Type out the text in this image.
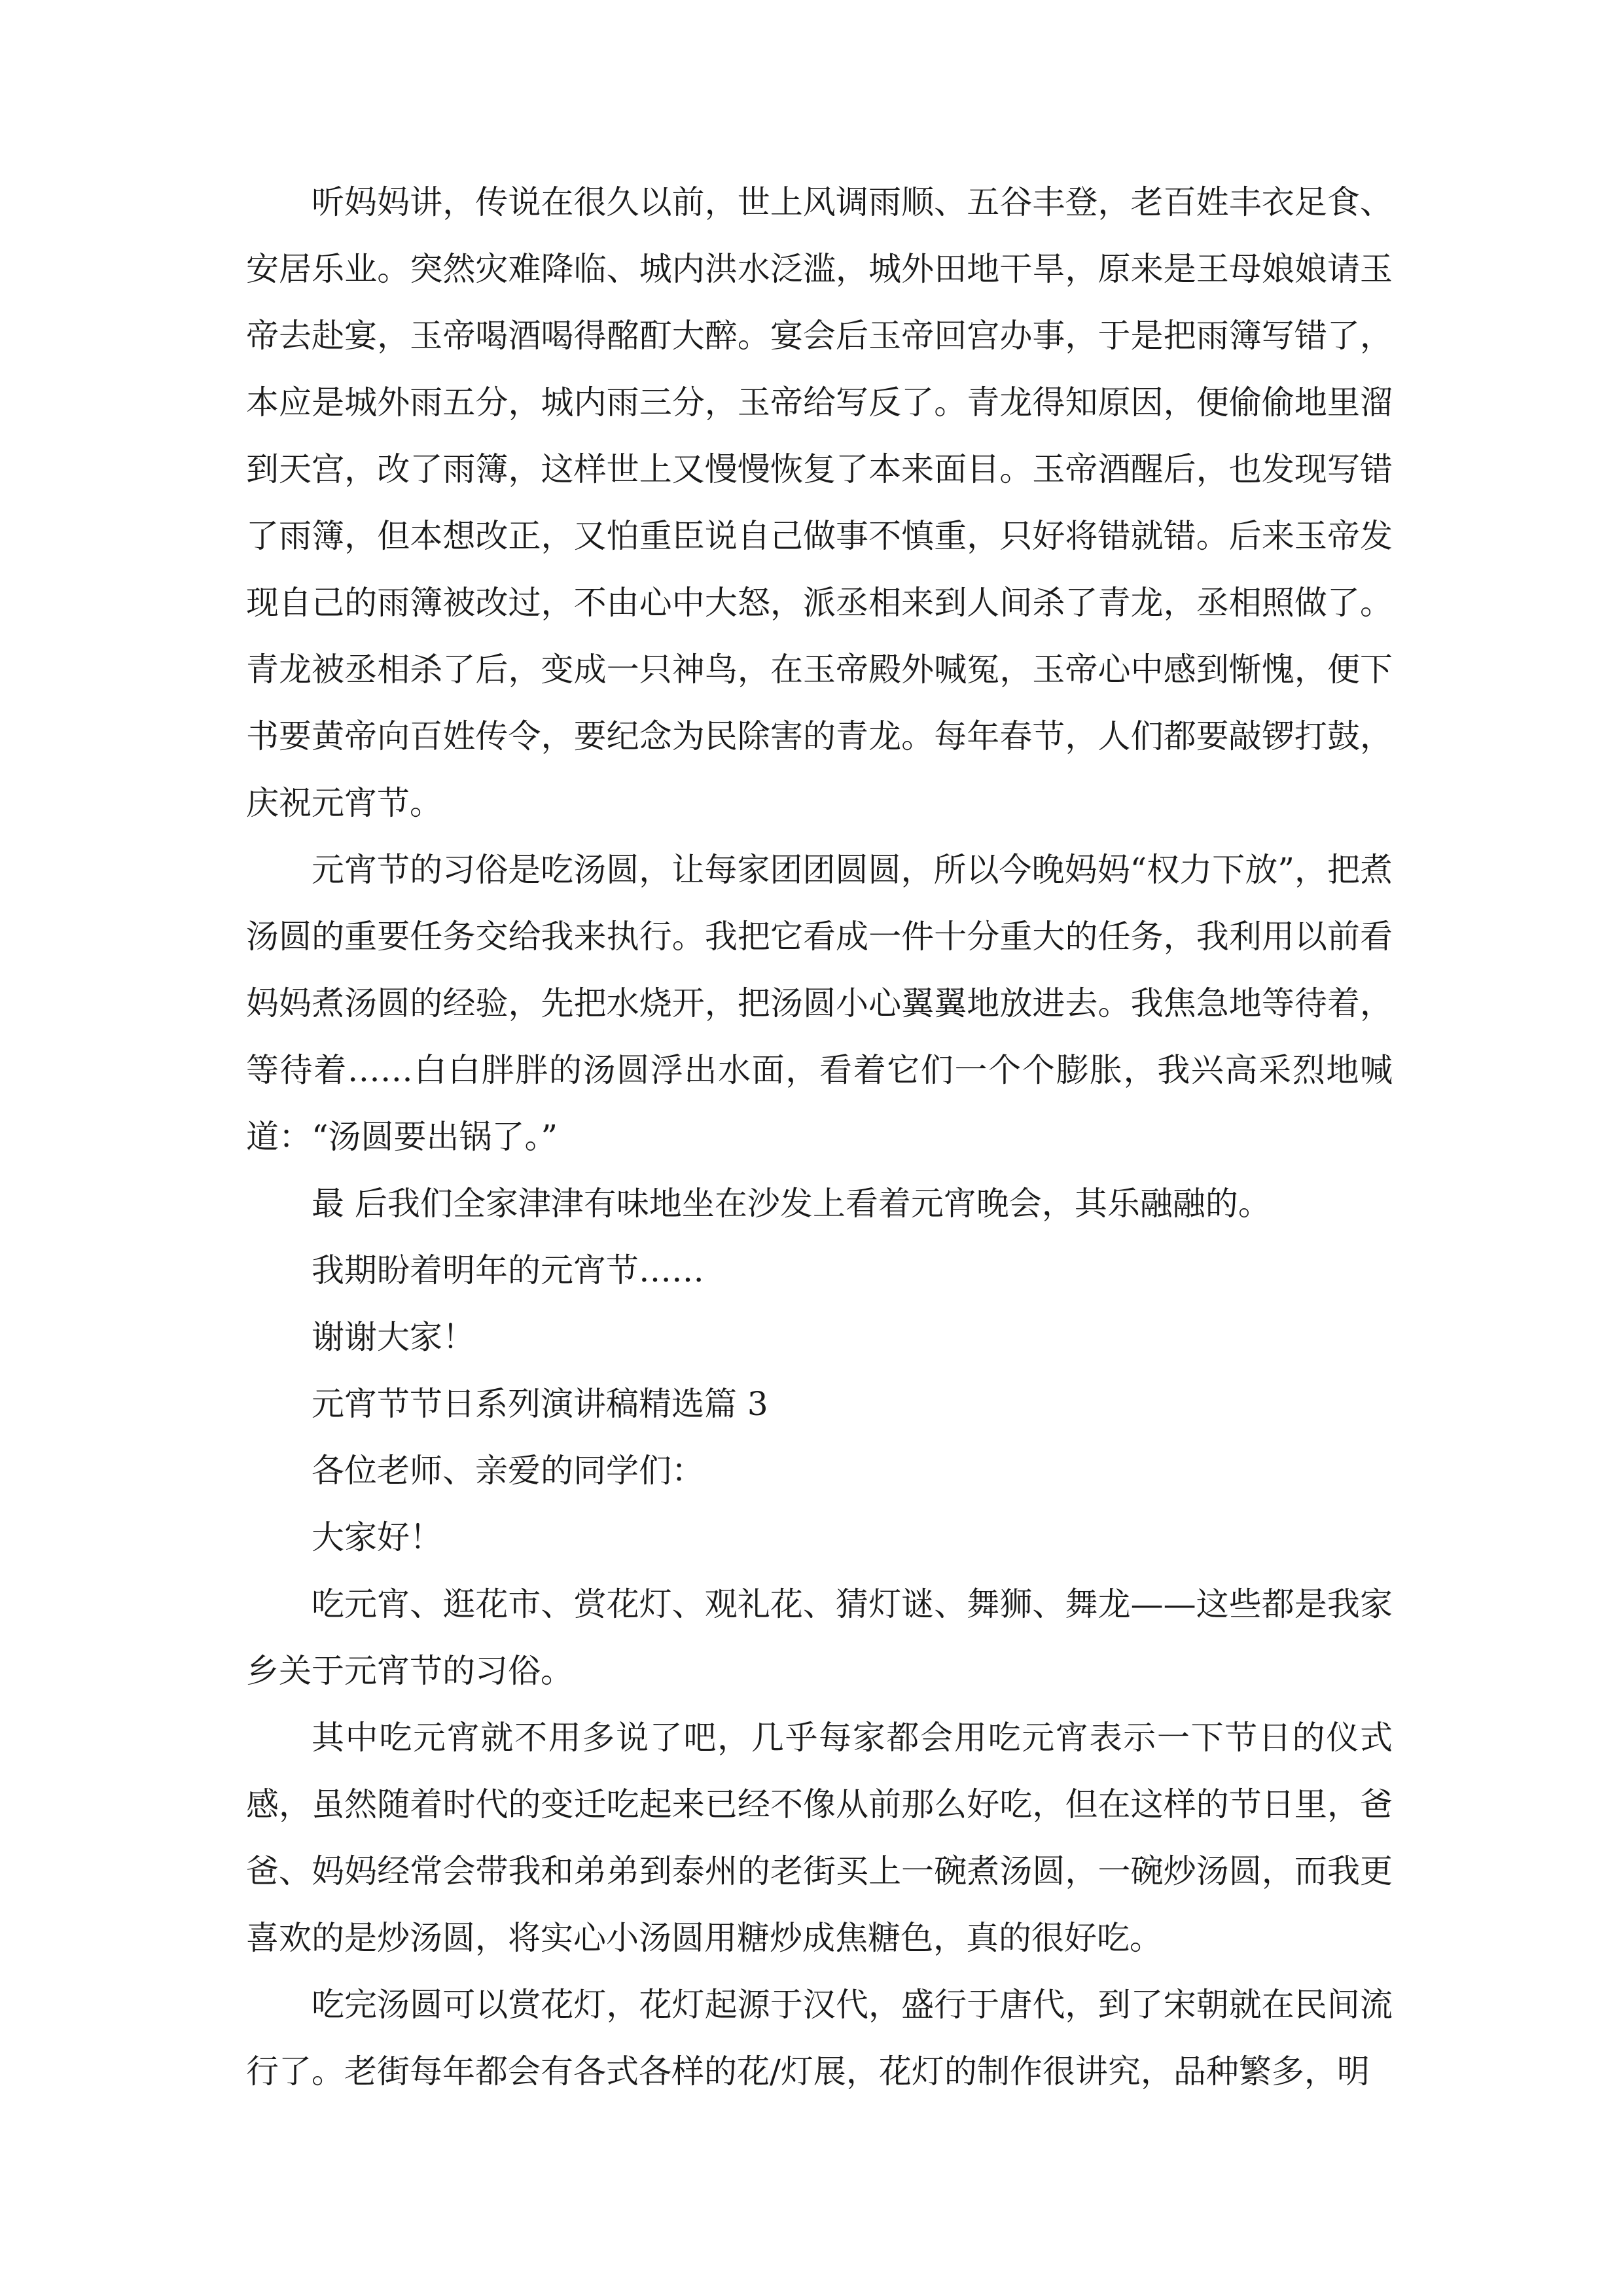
听妈妈讲，传说在很久以前，世上风调雨顺、五谷丰登，老百姓丰衣足食、安居乐业。突然灾难降临、城内洪水泛滥，城外田地干旱，原来是王母娘娘请玉帝去赴宴，玉帝喝酒喝得酩酊大醉。宴会后玉帝回宫办事，于是把雨簿写错了，本应是城外雨五分，城内雨三分，玉帝给写反了。青龙得知原因，便偷偷地里溜到天宫，改了雨簿，这样世上又慢慢恢复了本来面目。玉帝酒醒后，也发现写错了雨簿，但本想改正，又怕重臣说自己做事不慎重，只好将错就错。后来玉帝发现自己的雨簿被改过，不由心中大怒，派丞相来到人间杀了青龙，丞相照做了。青龙被丞相杀了后，变成一只神鸟，在玉帝殿外喊冤，玉帝心中感到惭愧，便下书要黄帝向百姓传令，要纪念为民除害的青龙。每年春节，人们都要敲锣打鼓，庆祝元宵节。

元宵节的习俗是吃汤圆，让每家团团圆圆，所以今晚妈妈“权力下放”，把煮汤圆的重要任务交给我来执行。我把它看成一件十分重大的任务，我利用以前看妈妈煮汤圆的经验，先把水烧开，把汤圆小心翼翼地放进去。我焦急地等待着，等待着……白白胖胖的汤圆浮出水面，看着它们一个个膨胀，我兴高采烈地喊道：“汤圆要出锅了。”

最 后我们全家津津有味地坐在沙发上看着元宵晚会，其乐融融的。

我期盼着明年的元宵节……

谢谢大家！

元宵节节日系列演讲稿精选篇 3

各位老师、亲爱的同学们：

大家好！

吃元宵、逛花市、赏花灯、观礼花、猜灯谜、舞狮、舞龙——这些都是我家乡关于元宵节的习俗。

其中吃元宵就不用多说了吧，几乎每家都会用吃元宵表示一下节日的仪式感，虽然随着时代的变迁吃起来已经不像从前那么好吃，但在这样的节日里，爸爸、妈妈经常会带我和弟弟到泰州的老街买上一碗煮汤圆，一碗炒汤圆，而我更喜欢的是炒汤圆，将实心小汤圆用糖炒成焦糖色，真的很好吃。

吃完汤圆可以赏花灯，花灯起源于汉代，盛行于唐代，到了宋朝就在民间流行了。老街每年都会有各式各样的花/灯展，花灯的制作很讲究，品种繁多，明
